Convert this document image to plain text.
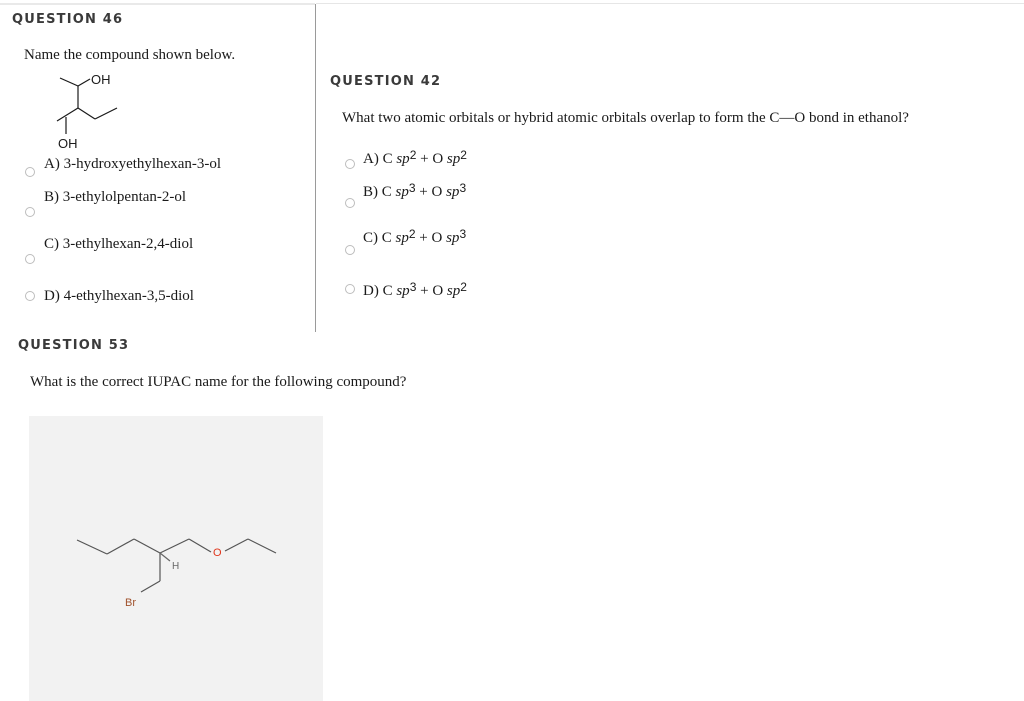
QUESTION 46
Name the compound shown below.
OH
OH
A) 3-hydroxyethylhexan-3-ol
B) 3-ethylolpentan-2-ol
C) 3-ethylhexan-2,4-diol
D) 4-ethylhexan-3,5-diol
QUESTION 42
What two atomic orbitals or hybrid atomic orbitals overlap to form the C—O bond in ethanol?
A) C $sp^2 + O$ $sp^2$
B) C $sp^3 + O$ $sp^3$
C) C $sp^2 + O$ $sp^3$
D) C $sp^3 + O$ $sp^2$
QUESTION 53
What is the correct IUPAC name for the following compound?
H
O
Br
